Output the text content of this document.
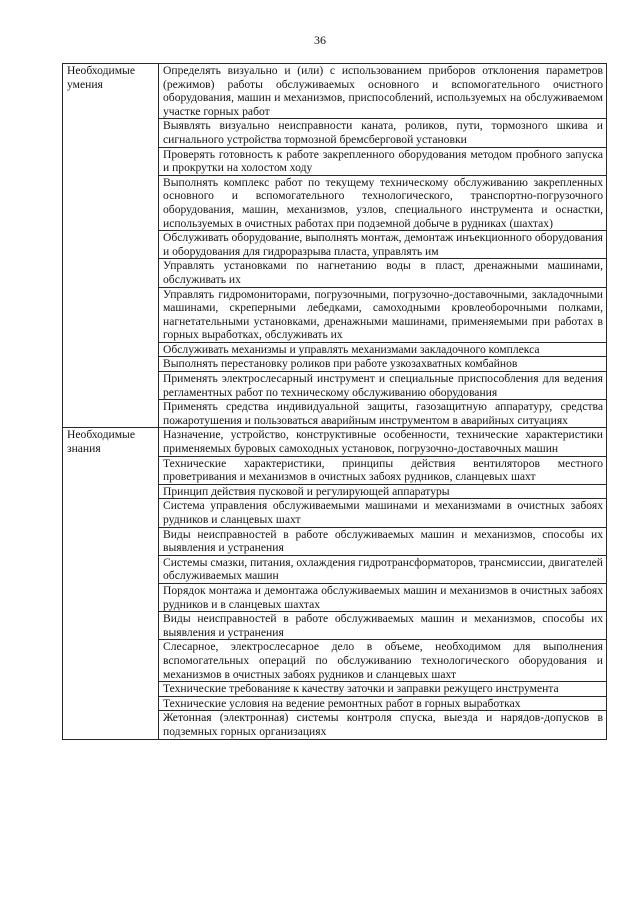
36
Необходимые умения	Определять визуально и (или) с использованием приборов отклонения параметров (режимов) работы обслуживаемых основного и вспомогательного очистного оборудования, машин и механизмов, приспособлений, используемых на обслуживаемом участке горных работ
	Выявлять визуально неисправности каната, роликов, пути, тормозного шкива и сигнального устройства тормозной бремсберговой установки
	Проверять готовность к работе закрепленного оборудования методом пробного запуска и прокрутки на холостом ходу
	Выполнять комплекс работ по текущему техническому обслуживанию закрепленных основного и вспомогательного технологического, транспортно-погрузочного оборудования, машин, механизмов, узлов, специального инструмента и оснастки, используемых в очистных работах при подземной добыче в рудниках (шахтах)
	Обслуживать оборудование, выполнять монтаж, демонтаж инъекционного оборудования и оборудования для гидроразрыва пласта, управлять им
	Управлять установками по нагнетанию воды в пласт, дренажными машинами, обслуживать их
	Управлять гидромониторами, погрузочными, погрузочно-доставочными, закладочными машинами, скреперными лебедками, самоходными кровлеоборочными полками, нагнетательными установками, дренажными машинами, применяемыми при работах в горных выработках, обслуживать их
	Обслуживать механизмы и управлять механизмами закладочного комплекса
	Выполнять перестановку роликов при работе узкозахватных комбайнов
	Применять электрослесарный инструмент и специальные приспособления для ведения регламентных работ по техническому обслуживанию оборудования
	Применять средства индивидуальной защиты, газозащитную аппаратуру, средства пожаротушения и пользоваться аварийным инструментом в аварийных ситуациях
Необходимые знания	Назначение, устройство, конструктивные особенности, технические характеристики применяемых буровых самоходных установок, погрузочно-доставочных машин
	Технические характеристики, принципы действия вентиляторов местного проветривания и механизмов в очистных забоях рудников, сланцевых шахт
	Принцип действия пусковой и регулирующей аппаратуры
	Система управления обслуживаемыми машинами и механизмами в очистных забоях рудников и сланцевых шахт
	Виды неисправностей в работе обслуживаемых машин и механизмов, способы их выявления и устранения
	Системы смазки, питания, охлаждения гидротрансформаторов, трансмиссии, двигателей обслуживаемых машин
	Порядок монтажа и демонтажа обслуживаемых машин и механизмов в очистных забоях рудников и в сланцевых шахтах
	Виды неисправностей в работе обслуживаемых машин и механизмов, способы их выявления и устранения
	Слесарное, электрослесарное дело в объеме, необходимом для выполнения вспомогательных операций по обслуживанию технологического оборудования и механизмов в очистных забоях рудников и сланцевых шахт
	Технические требованияе к качеству заточки и заправки режущего инструмента
	Технические условия на ведение ремонтных работ в горных выработках
	Жетонная (электронная) системы контроля спуска, выезда и нарядов-допусков в подземных горных организациях
